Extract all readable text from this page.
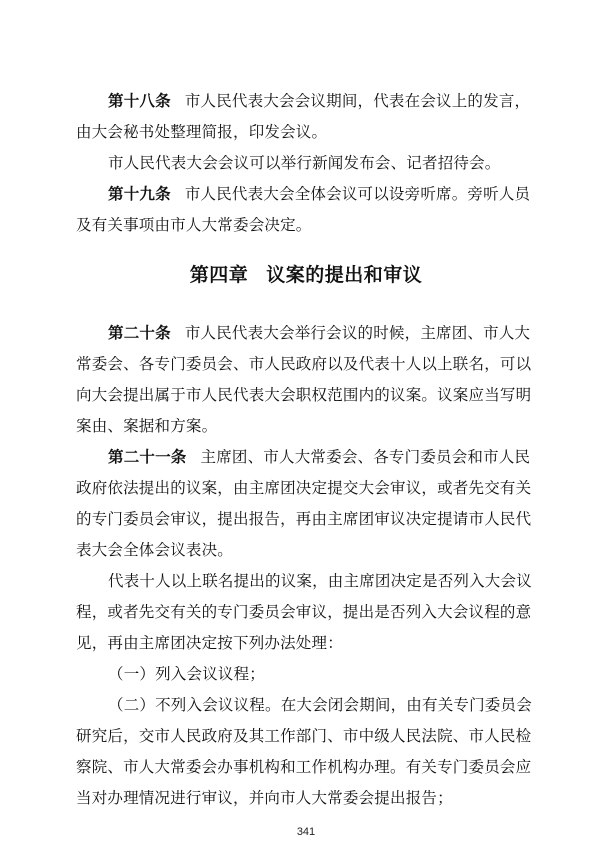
第十八条 市人民代表大会会议期间，代表在会议上的发言，
由大会秘书处整理简报，印发会议。
市人民代表大会会议可以举行新闻发布会、记者招待会。
第十九条 市人民代表大会全体会议可以设旁听席。旁听人员
及有关事项由市人大常委会决定。
第四章 议案的提出和审议
第二十条 市人民代表大会举行会议的时候，主席团、市人大
常委会、各专门委员会、市人民政府以及代表十人以上联名，可以
向大会提出属于市人民代表大会职权范围内的议案。议案应当写明
案由、案据和方案。
第二十一条 主席团、市人大常委会、各专门委员会和市人民
政府依法提出的议案，由主席团决定提交大会审议，或者先交有关
的专门委员会审议，提出报告，再由主席团审议决定提请市人民代
表大会全体会议表决。
代表十人以上联名提出的议案，由主席团决定是否列入大会议
程，或者先交有关的专门委员会审议，提出是否列入大会议程的意
见，再由主席团决定按下列办法处理：
（一）列入会议议程；
（二）不列入会议议程。在大会闭会期间，由有关专门委员会
研究后，交市人民政府及其工作部门、市中级人民法院、市人民检
察院、市人大常委会办事机构和工作机构办理。有关专门委员会应
当对办理情况进行审议，并向市人大常委会提出报告；
341
